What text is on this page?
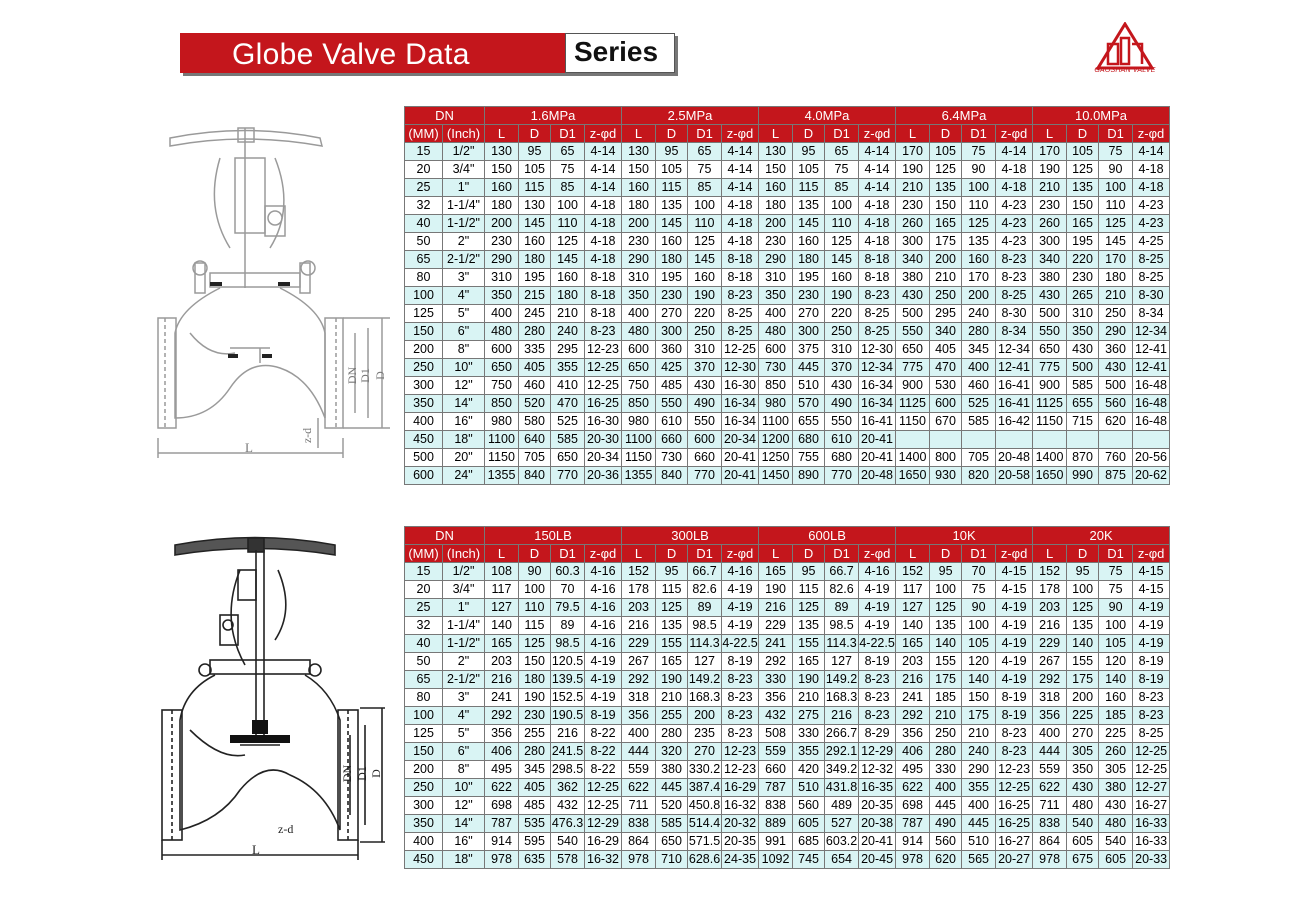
Globe Valve Data	Series
GAOSHAN VALVE
L
DN
D1 D
z-d
L
DN D1 D
z-d
DN		1.6MPa				2.5MPa				4.0MPa				6.4MPa				10.0MPa			
(MM)	(Inch)	L	D	D1	z-φd	L	D	D1	z-φd	L	D	D1	z-φd	L	D	D1	z-φd	L	D	D1	z-φd
15	1/2"	130	95	65	4-14	130	95	65	4-14	130	95	65	4-14	170	105	75	4-14	170	105	75	4-14
20	3/4"	150	105	75	4-14	150	105	75	4-14	150	105	75	4-14	190	125	90	4-18	190	125	90	4-18
25	1"	160	115	85	4-14	160	115	85	4-14	160	115	85	4-14	210	135	100	4-18	210	135	100	4-18
32	1-1/4"	180	130	100	4-18	180	135	100	4-18	180	135	100	4-18	230	150	110	4-23	230	150	110	4-23
40	1-1/2"	200	145	110	4-18	200	145	110	4-18	200	145	110	4-18	260	165	125	4-23	260	165	125	4-23
50	2"	230	160	125	4-18	230	160	125	4-18	230	160	125	4-18	300	175	135	4-23	300	195	145	4-25
65	2-1/2"	290	180	145	4-18	290	180	145	8-18	290	180	145	8-18	340	200	160	8-23	340	220	170	8-25
80	3"	310	195	160	8-18	310	195	160	8-18	310	195	160	8-18	380	210	170	8-23	380	230	180	8-25
100	4"	350	215	180	8-18	350	230	190	8-23	350	230	190	8-23	430	250	200	8-25	430	265	210	8-30
125	5"	400	245	210	8-18	400	270	220	8-25	400	270	220	8-25	500	295	240	8-30	500	310	250	8-34
150	6"	480	280	240	8-23	480	300	250	8-25	480	300	250	8-25	550	340	280	8-34	550	350	290	12-34
200	8"	600	335	295	12-23	600	360	310	12-25	600	375	310	12-30	650	405	345	12-34	650	430	360	12-41
250	10"	650	405	355	12-25	650	425	370	12-30	730	445	370	12-34	775	470	400	12-41	775	500	430	12-41
300	12"	750	460	410	12-25	750	485	430	16-30	850	510	430	16-34	900	530	460	16-41	900	585	500	16-48
350	14"	850	520	470	16-25	850	550	490	16-34	980	570	490	16-34	1125	600	525	16-41	1125	655	560	16-48
400	16"	980	580	525	16-30	980	610	550	16-34	1100	655	550	16-41	1150	670	585	16-42	1150	715	620	16-48
450	18"	1100	640	585	20-30	1100	660	600	20-34	1200	680	610	20-41								
500	20"	1150	705	650	20-34	1150	730	660	20-41	1250	755	680	20-41	1400	800	705	20-48	1400	870	760	20-56
600	24"	1355	840	770	20-36	1355	840	770	20-41	1450	890	770	20-48	1650	930	820	20-58	1650	990	875	20-62
DN		150LB				300LB				600LB				10K				20K			
(MM)	(Inch)	L	D	D1	z-φd	L	D	D1	z-φd	L	D	D1	z-φd	L	D	D1	z-φd	L	D	D1	z-φd
15	1/2"	108	90	60.3	4-16	152	95	66.7	4-16	165	95	66.7	4-16	152	95	70	4-15	152	95	75	4-15
20	3/4"	117	100	70	4-16	178	115	82.6	4-19	190	115	82.6	4-19	117	100	75	4-15	178	100	75	4-15
25	1"	127	110	79.5	4-16	203	125	89	4-19	216	125	89	4-19	127	125	90	4-19	203	125	90	4-19
32	1-1/4"	140	115	89	4-16	216	135	98.5	4-19	229	135	98.5	4-19	140	135	100	4-19	216	135	100	4-19
40	1-1/2"	165	125	98.5	4-16	229	155	114.3	4-22.5	241	155	114.3	4-22.5	165	140	105	4-19	229	140	105	4-19
50	2"	203	150	120.5	4-19	267	165	127	8-19	292	165	127	8-19	203	155	120	4-19	267	155	120	8-19
65	2-1/2"	216	180	139.5	4-19	292	190	149.2	8-23	330	190	149.2	8-23	216	175	140	4-19	292	175	140	8-19
80	3"	241	190	152.5	4-19	318	210	168.3	8-23	356	210	168.3	8-23	241	185	150	8-19	318	200	160	8-23
100	4"	292	230	190.5	8-19	356	255	200	8-23	432	275	216	8-23	292	210	175	8-19	356	225	185	8-23
125	5"	356	255	216	8-22	400	280	235	8-23	508	330	266.7	8-29	356	250	210	8-23	400	270	225	8-25
150	6"	406	280	241.5	8-22	444	320	270	12-23	559	355	292.1	12-29	406	280	240	8-23	444	305	260	12-25
200	8"	495	345	298.5	8-22	559	380	330.2	12-23	660	420	349.2	12-32	495	330	290	12-23	559	350	305	12-25
250	10"	622	405	362	12-25	622	445	387.4	16-29	787	510	431.8	16-35	622	400	355	12-25	622	430	380	12-27
300	12"	698	485	432	12-25	711	520	450.8	16-32	838	560	489	20-35	698	445	400	16-25	711	480	430	16-27
350	14"	787	535	476.3	12-29	838	585	514.4	20-32	889	605	527	20-38	787	490	445	16-25	838	540	480	16-33
400	16"	914	595	540	16-29	864	650	571.5	20-35	991	685	603.2	20-41	914	560	510	16-27	864	605	540	16-33
450	18"	978	635	578	16-32	978	710	628.6	24-35	1092	745	654	20-45	978	620	565	20-27	978	675	605	20-33
